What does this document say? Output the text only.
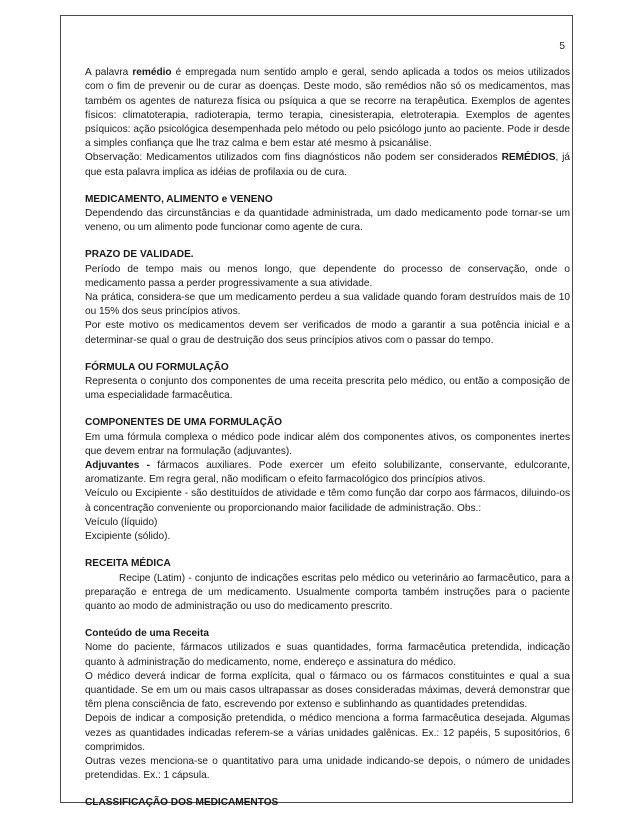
5

A palavra remédio é empregada num sentido amplo e geral, sendo aplicada a todos os meios utilizados com o fim de prevenir ou de curar as doenças. Deste modo, são remédios não só os medicamentos, mas também os agentes de natureza física ou psíquica a que se recorre na terapêutica. Exemplos de agentes físicos: climatoterapia, radioterapia, termo terapia, cinesisterapia, eletroterapia. Exemplos de agentes psíquicos: ação psicológica desempenhada pelo método ou pelo psicólogo junto ao paciente. Pode ir desde a simples confiança que lhe traz calma e bem estar até mesmo à psicanálise.

Observação: Medicamentos utilizados com fins diagnósticos não podem ser considerados REMÉDIOS, já que esta palavra implica as idéias de profilaxia ou de cura.

MEDICAMENTO, ALIMENTO e VENENO

Dependendo das circunstâncias e da quantidade administrada, um dado medicamento pode tornar-se um veneno, ou um alimento pode funcionar como agente de cura.

PRAZO DE VALIDADE.

Período de tempo mais ou menos longo, que dependente do processo de conservação, onde o medicamento passa a perder progressivamente a sua atividade.

Na prática, considera-se que um medicamento perdeu a sua validade quando foram destruídos mais de 10 ou 15% dos seus princípios ativos.

Por este motivo os medicamentos devem ser verificados de modo a garantir a sua potência inicial e a determinar-se qual o grau de destruição dos seus princípios ativos com o passar do tempo.

FÓRMULA OU FORMULAÇÃO

Representa o conjunto dos componentes de uma receita prescrita pelo médico, ou então a composição de uma especialidade farmacêutica.

COMPONENTES DE UMA FORMULAÇÃO

Em uma fórmula complexa o médico pode indicar além dos componentes ativos, os componentes inertes que devem entrar na formulação (adjuvantes).

Adjuvantes - fármacos auxiliares. Pode exercer um efeito solubilizante, conservante, edulcorante, aromatizante. Em regra geral, não modificam o efeito farmacológico dos princípios ativos.

Veículo ou Excipiente - são destituídos de atividade e têm como função dar corpo aos fármacos, diluindo-os à concentração conveniente ou proporcionando maior facilidade de administração. Obs.:

Veículo (líquido)

Excipiente (sólido).

RECEITA MÉDICA

Recipe (Latim) - conjunto de indicações escritas pelo médico ou veterinário ao farmacêutico, para a preparação e entrega de um medicamento. Usualmente comporta também instruções para o paciente quanto ao modo de administração ou uso do medicamento prescrito.

Conteúdo de uma Receita

Nome do paciente, fármacos utilizados e suas quantidades, forma farmacêutica pretendida, indicação quanto à administração do medicamento, nome, endereço e assinatura do médico.

O médico deverá indicar de forma explícita, qual o fármaco ou os fármacos constituintes e qual a sua quantidade. Se em um ou mais casos ultrapassar as doses consideradas máximas, deverá demonstrar que têm plena consciência de fato, escrevendo por extenso e sublinhando as quantidades pretendidas.

Depois de indicar a composição pretendida, o médico menciona a forma farmacêutica desejada. Algumas vezes as quantidades indicadas referem-se a várias unidades galênicas. Ex.: 12 papéis, 5 supositórios, 6 comprimidos.

Outras vezes menciona-se o quantitativo para uma unidade indicando-se depois, o número de unidades pretendidas. Ex.: 1 cápsula.

CLASSIFICAÇÃO DOS MEDICAMENTOS
